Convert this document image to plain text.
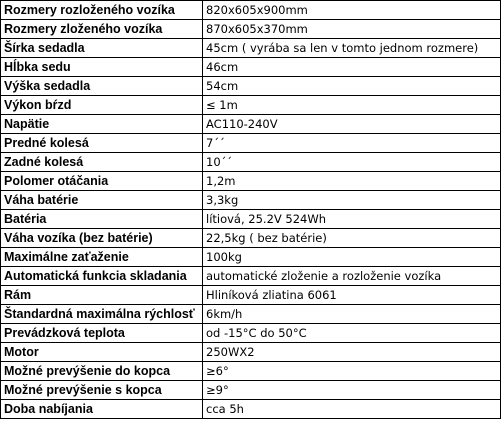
Rozmery rozloženého vozíka	820x605x900mm
Rozmery zloženého vozíka	870x605x370mm
Šírka sedadla	45cm ( vyrába sa len v tomto jednom rozmere)
Hĺbka sedu	46cm
Výška sedadla	54cm
Výkon bŕzd	≤ 1m
Napätie	AC110-240V
Predné kolesá	7´´
Zadné kolesá	10´´
Polomer otáčania	1,2m
Váha batérie	3,3kg
Batéria	lítiová, 25.2V 524Wh
Váha vozíka (bez batérie)	22,5kg ( bez batérie)
Maximálne zaťaženie	100kg
Automatická funkcia skladania	automatické zloženie a rozloženie vozíka
Rám	Hliníková zliatina 6061
Štandardná maximálna rýchlosť	6km/h
Prevádzková teplota	od -15°C do 50°C
Motor	250WX2
Možné prevýšenie do kopca	≥6°
Možné prevýšenie s kopca	≥9°
Doba nabíjania	cca 5h
